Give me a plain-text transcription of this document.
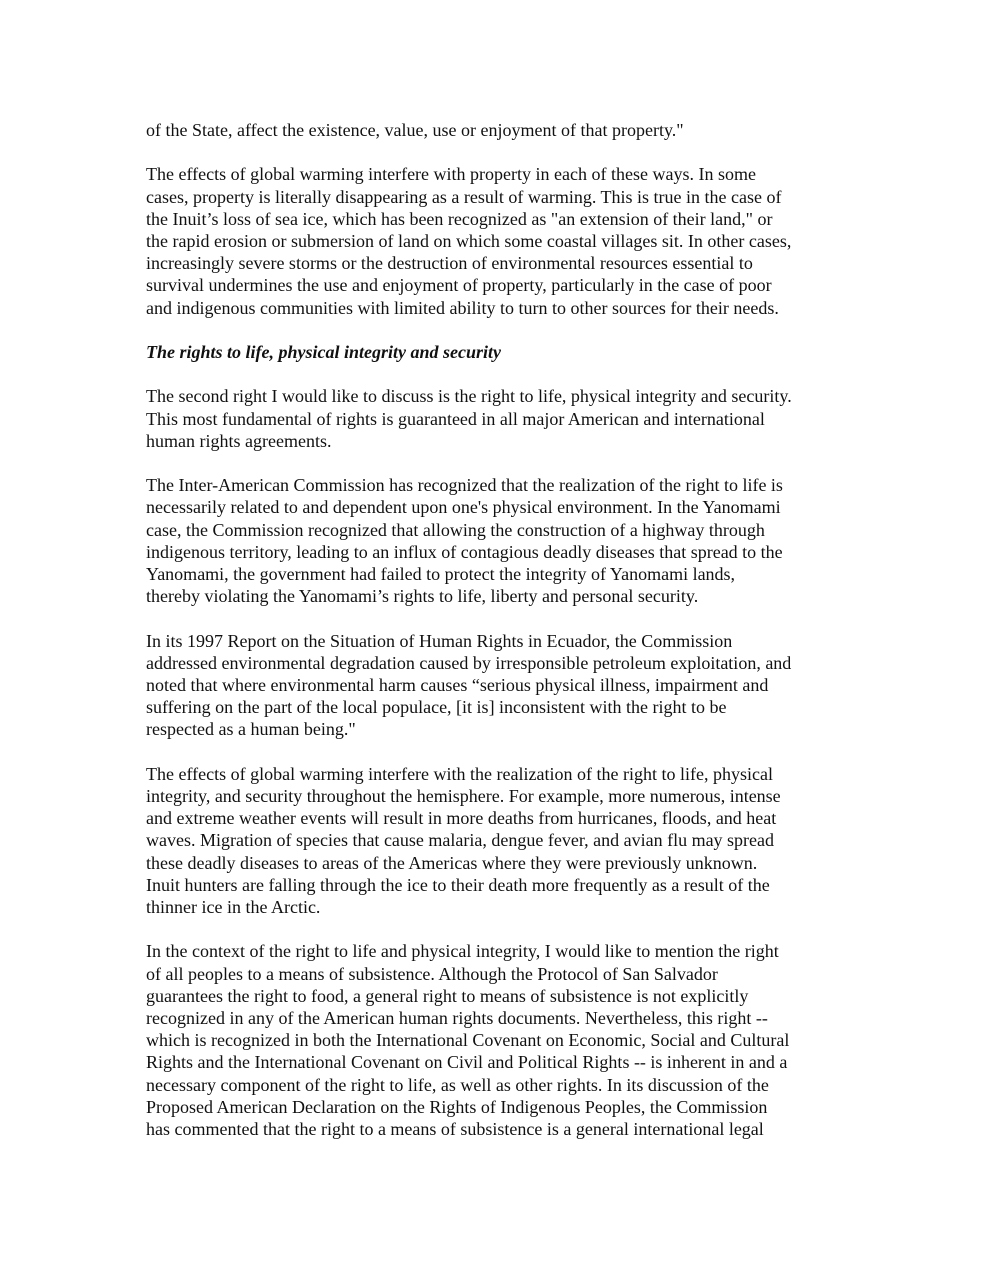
of the State, affect the existence, value, use or enjoyment of that property."
The effects of global warming interfere with property in each of these ways. In some
cases, property is literally disappearing as a result of warming. This is true in the case of
the Inuit’s loss of sea ice, which has been recognized as "an extension of their land," or
the rapid erosion or submersion of land on which some coastal villages sit. In other cases,
increasingly severe storms or the destruction of environmental resources essential to
survival undermines the use and enjoyment of property, particularly in the case of poor
and indigenous communities with limited ability to turn to other sources for their needs.
The rights to life, physical integrity and security
The second right I would like to discuss is the right to life, physical integrity and security.
This most fundamental of rights is guaranteed in all major American and international
human rights agreements.
The Inter-American Commission has recognized that the realization of the right to life is
necessarily related to and dependent upon one's physical environment. In the Yanomami
case, the Commission recognized that allowing the construction of a highway through
indigenous territory, leading to an influx of contagious deadly diseases that spread to the
Yanomami, the government had failed to protect the integrity of Yanomami lands,
thereby violating the Yanomami’s rights to life, liberty and personal security.
In its 1997 Report on the Situation of Human Rights in Ecuador, the Commission
addressed environmental degradation caused by irresponsible petroleum exploitation, and
noted that where environmental harm causes “serious physical illness, impairment and
suffering on the part of the local populace, [it is] inconsistent with the right to be
respected as a human being."
The effects of global warming interfere with the realization of the right to life, physical
integrity, and security throughout the hemisphere. For example, more numerous, intense
and extreme weather events will result in more deaths from hurricanes, floods, and heat
waves. Migration of species that cause malaria, dengue fever, and avian flu may spread
these deadly diseases to areas of the Americas where they were previously unknown.
Inuit hunters are falling through the ice to their death more frequently as a result of the
thinner ice in the Arctic.
In the context of the right to life and physical integrity, I would like to mention the right
of all peoples to a means of subsistence. Although the Protocol of San Salvador
guarantees the right to food, a general right to means of subsistence is not explicitly
recognized in any of the American human rights documents. Nevertheless, this right --
which is recognized in both the International Covenant on Economic, Social and Cultural
Rights and the International Covenant on Civil and Political Rights -- is inherent in and a
necessary component of the right to life, as well as other rights. In its discussion of the
Proposed American Declaration on the Rights of Indigenous Peoples, the Commission
has commented that the right to a means of subsistence is a general international legal
